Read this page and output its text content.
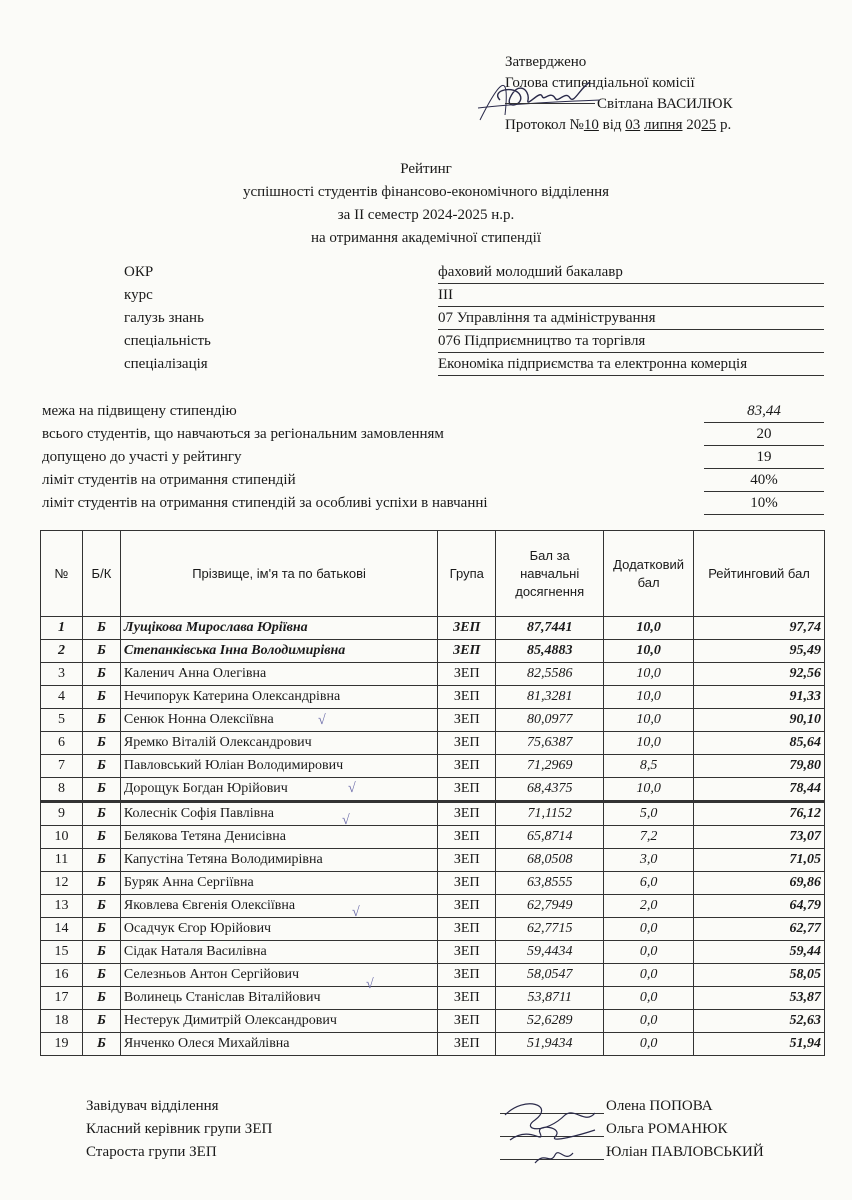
Затверджено
Голова стипендіальної комісії
Світлана ВАСИЛЮК
Протокол №10 від 03 липня 2025 р.
Рейтинг
успішності студентів фінансово-економічного відділення
за ІІ семестр 2024-2025 н.р.
на отримання академічної стипендії
ОКР	фаховий молодший бакалавр
курс	ІІІ
галузь знань	07 Управління та адміністрування
спеціальність	076 Підприємництво та торгівля
спеціалізація	Економіка підприємства та електронна комерція
межа на підвищену стипендію	83,44
всього студентів, що навчаються за регіональним замовленням	20
допущено до участі у рейтингу	19
ліміт студентів на отримання стипендій	40%
ліміт студентів на отримання стипендій за особливі успіхи в навчанні	10%
№	Б/К	Прізвище, ім'я та по батькові	Група	Бал за навчальні досягнення	Додатковий бал	Рейтинговий бал
1	Б	Лущікова Мирослава Юріївна	ЗЕП	87,7441	10,0	97,74
2	Б	Степанківська Інна Володимирівна	ЗЕП	85,4883	10,0	95,49
3	Б	Каленич Анна Олегівна	ЗЕП	82,5586	10,0	92,56
4	Б	Нечипорук Катерина Олександрівна	ЗЕП	81,3281	10,0	91,33
5	Б	Сенюк Нонна Олексіївна	ЗЕП	80,0977	10,0	90,10
6	Б	Яремко Віталій Олександрович	ЗЕП	75,6387	10,0	85,64
7	Б	Павловський Юліан Володимирович	ЗЕП	71,2969	8,5	79,80
8	Б	Дорощук Богдан Юрійович	ЗЕП	68,4375	10,0	78,44
9	Б	Колеснік Софія Павлівна	ЗЕП	71,1152	5,0	76,12
10	Б	Белякова Тетяна Денисівна	ЗЕП	65,8714	7,2	73,07
11	Б	Капустіна Тетяна Володимирівна	ЗЕП	68,0508	3,0	71,05
12	Б	Буряк Анна Сергіївна	ЗЕП	63,8555	6,0	69,86
13	Б	Яковлева Євгенія Олексіївна	ЗЕП	62,7949	2,0	64,79
14	Б	Осадчук Єгор Юрійович	ЗЕП	62,7715	0,0	62,77
15	Б	Сідак Наталя Василівна	ЗЕП	59,4434	0,0	59,44
16	Б	Селезньов Антон Сергійович	ЗЕП	58,0547	0,0	58,05
17	Б	Волинець Станіслав Віталійович	ЗЕП	53,8711	0,0	53,87
18	Б	Нестерук Димитрій Олександрович	ЗЕП	52,6289	0,0	52,63
19	Б	Янченко Олеся Михайлівна	ЗЕП	51,9434	0,0	51,94
√
√
√
√
√
Завідувач відділення
Класний керівник групи ЗЕП
Староста групи ЗЕП
Олена ПОПОВА
Ольга РОМАНЮК
Юліан ПАВЛОВСЬКИЙ
